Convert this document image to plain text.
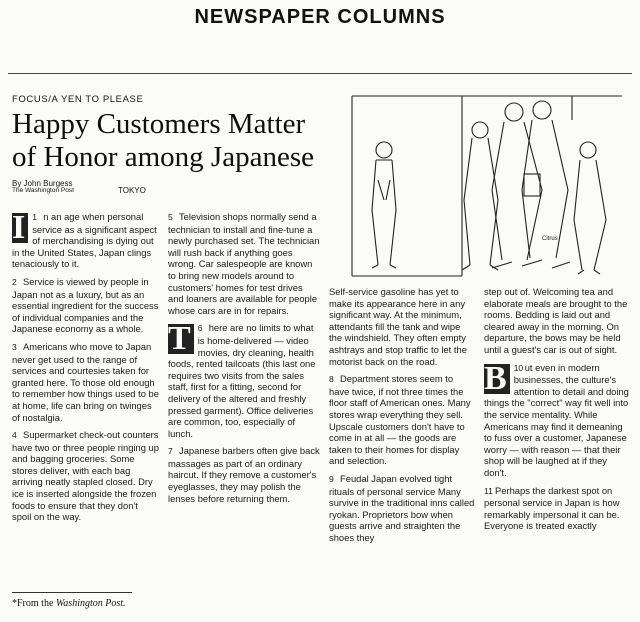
NEWSPAPER COLUMNS
FOCUS/A YEN TO PLEASE
Happy Customers Matter
of Honor among Japanese
By John Burgess
The Washington Post	TOKYO
Citrus

1
I	n an age when personal service as a significant aspect of merchandising is dying out in the United States, Japan clings tenaciously to it.

2 Service is viewed by people in Japan not as a luxury, but as an essential ingredient for the success of individual companies and the Japanese economy as a whole.

3 Americans who move to Japan never get used to the range of services and courtesies taken for granted here. To those old enough to remember how things used to be at home, life can bring on twinges of nostalgia.

4 Supermarket check-out counters have two or three people ringing up and bagging groceries. Some stores deliver, with each bag arriving neatly stapled closed. Dry ice is inserted alongside the frozen foods to ensure that they don't spoil on the way.

5 Television shops normally send a technician to install and fine-tune a newly purchased set. The technician will rush back if anything goes wrong. Car salespeople are known to bring new models around to customers' homes for test drives and loaners are available for people whose cars are in for repairs.

6
T	here are no limits to what is home-delivered — video movies, dry cleaning, health foods, rented tailcoats (this last one requires two visits from the sales staff, first for a fitting, second for delivery of the altered and freshly pressed garment). Office deliveries are common, too, especially of lunch.

7 Japanese barbers often give back massages as part of an ordinary haircut. If they remove a customer's eyeglasses, they may polish the lenses before returning them.

Self-service gasoline has yet to make its appearance here in any significant way. At the minimum, attendants fill the tank and wipe the windshield. They often empty ashtrays and stop traffic to let the motorist back on the road.

8 Department stores seem to have twice, if not three times the floor staff of American ones. Many stores wrap everything they sell. Upscale customers don't have to come in at all — the goods are taken to their homes for display and selection.

9 Feudal Japan evolved tight rituals of personal service Many survive in the traditional inns called ryokan. Proprietors bow when guests arrive and straighten the shoes they

step out of. Welcoming tea and elaborate meals are brought to the rooms. Bedding is laid out and cleared away in the morning. On departure, the bows may be held until a guest's car is out of sight.

10
B	ut even in modern businesses, the culture's attention to detail and doing things the "correct" way fit well into the service mentality. While Americans may find it demeaning to fuss over a customer, Japanese worry — with reason — that their shop will be laughed at if they don't.

11 Perhaps the darkest spot on personal service in Japan is how remarkably impersonal it can be. Everyone is treated exactly

*From the Washington Post.
